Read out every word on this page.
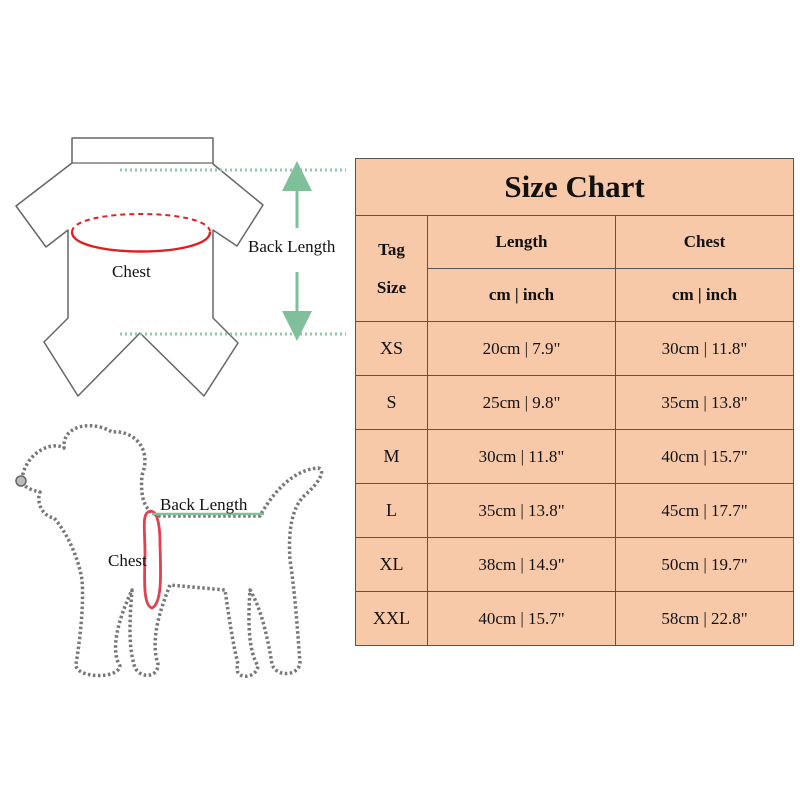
Chest
Back Length
Back Length
Chest
Size Chart		

Tag
Size	Length	Chest
	cm | inch	cm | inch
XS	20cm | 7.9"	30cm | 11.8"
S	25cm | 9.8"	35cm | 13.8"
M	30cm | 11.8"	40cm | 15.7"
L	35cm | 13.8"	45cm | 17.7"
XL	38cm | 14.9"	50cm | 19.7"
XXL	40cm | 15.7"	58cm | 22.8"
